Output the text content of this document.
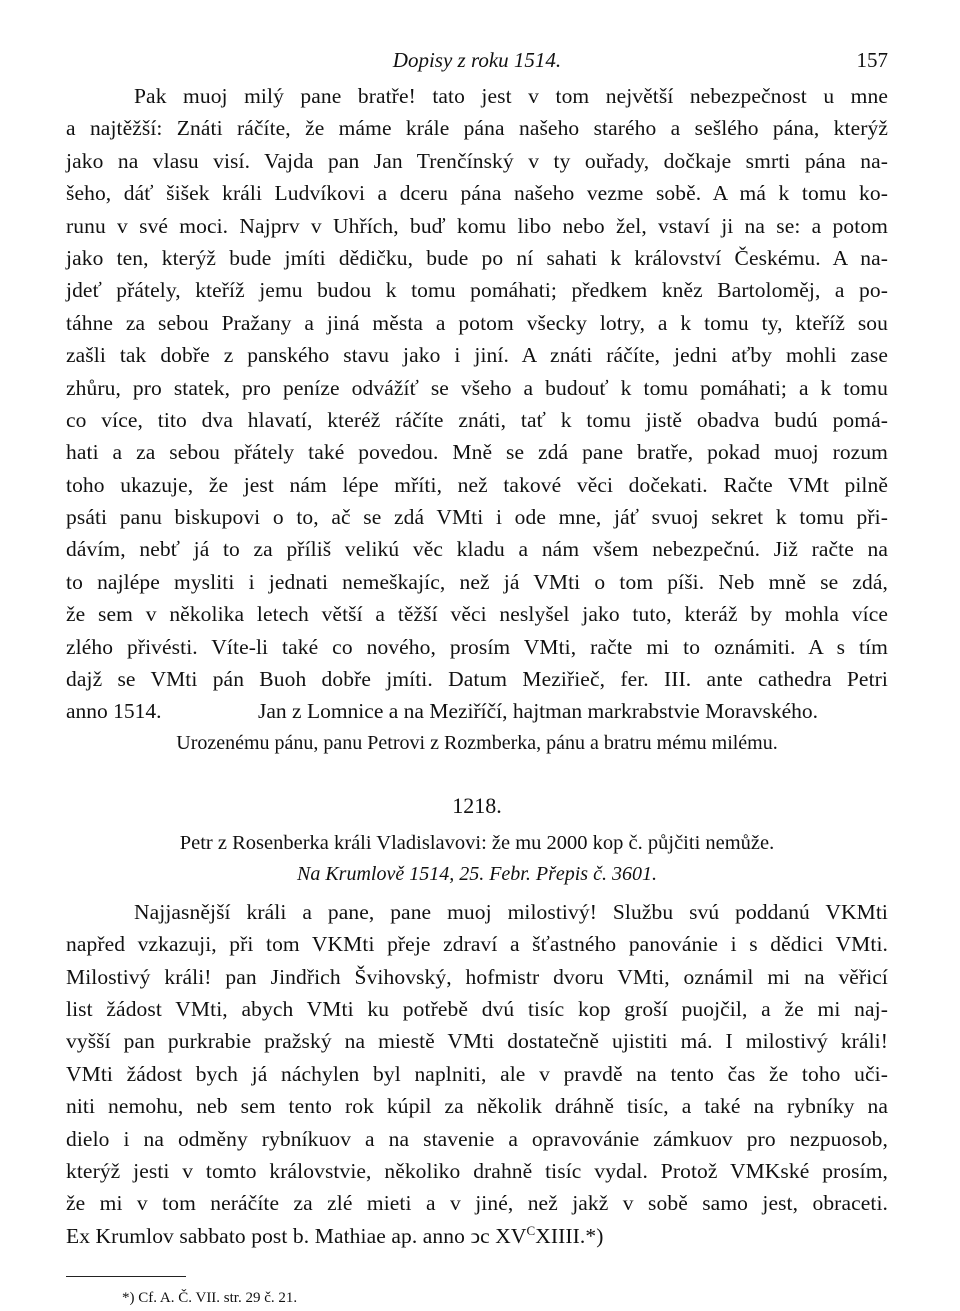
Dopisy z roku 1514.	157
Pak muoj milý pane bratře! tato jest v tom největší nebezpečnost u mne
a najtěžší: Znáti ráčíte, že máme krále pána našeho starého a sešlého pána, kterýž
jako na vlasu visí. Vajda pan Jan Trenčínský v ty ouřady, dočkaje smrti pána na-
šeho, dáť šišek králi Ludvíkovi a dceru pána našeho vezme sobě. A má k tomu ko-
runu v své moci. Najprv v Uhřích, buď komu libo nebo žel, vstaví ji na se: a potom
jako ten, kterýž bude jmíti dědičku, bude po ní sahati k království Českému. A na-
jdeť přátely, kteříž jemu budou k tomu pomáhati; předkem kněz Bartoloměj, a po-
táhne za sebou Pražany a jiná města a potom všecky lotry, a k tomu ty, kteříž sou
zašli tak dobře z panského stavu jako i jiní. A znáti ráčíte, jedni aťby mohli zase
zhůru, pro statek, pro peníze odvážíť se všeho a budouť k tomu pomáhati; a k tomu
co více, tito dva hlavatí, kteréž ráčíte znáti, tať k tomu jistě obadva budú pomá-
hati a za sebou přátely také povedou. Mně se zdá pane bratře, pokad muoj rozum
toho ukazuje, že jest nám lépe mříti, než takové věci dočekati. Račte VMt pilně
psáti panu biskupovi o to, ač se zdá VMti i ode mne, jáť svuoj sekret k tomu při-
dávím, nebť já to za příliš velikú věc kladu a nám všem nebezpečnú. Již račte na
to najlépe mysliti i jednati nemeškajíc, než já VMti o tom píši. Neb mně se zdá,
že sem v několika letech větší a těžší věci neslyšel jako tuto, kteráž by mohla více
zlého přivésti. Víte-li také co nového, prosím VMti, račte mi to oznámiti. A s tím
dajž se VMti pán Buoh dobře jmíti. Datum Meziřieč, fer. III. ante cathedra Petri
anno 1514.	Jan z Lomnice a na Meziříčí, hajtman markrabstvie Moravského.
Urozenému pánu, panu Petrovi z Rozmberka, pánu a bratru mému milému.
1218.
Petr z Rosenberka králi Vladislavovi: že mu 2000 kop č. půjčiti nemůže.
Na Krumlově 1514, 25. Febr. Přepis č. 3601.
Najjasnější králi a pane, pane muoj milostivý! Službu svú poddanú VKMti
napřed vzkazuji, při tom VKMti přeje zdraví a šťastného panovánie i s dědici VMti.
Milostivý králi! pan Jindřich Švihovský, hofmistr dvoru VMti, oznámil mi na věřicí
list žádost VMti, abych VMti ku potřebě dvú tisíc kop groší puojčil, a že mi naj-
vyšší pan purkrabie pražský na miestě VMti dostatečně ujistiti má. I milostivý králi!
VMti žádost bych já náchylen byl naplniti, ale v pravdě na tento čas že toho uči-
niti nemohu, neb sem tento rok kúpil za několik dráhně tisíc, a také na rybníky na
dielo i na odměny rybníkuov a na stavenie a opravovánie zámkuov pro nezpuosob,
kterýž jesti v tomto královstvie, několiko drahně tisíc vydal. Protož VMKské prosím,
že mi v tom neráčíte za zlé mieti a v jiné, než jakž v sobě samo jest, obraceti.
Ex Krumlov sabbato post b. Mathiae ap. anno ↄc $XV^CXIIII.*$)
*) Cf. A. Č. VII. str. 29 č. 21.
